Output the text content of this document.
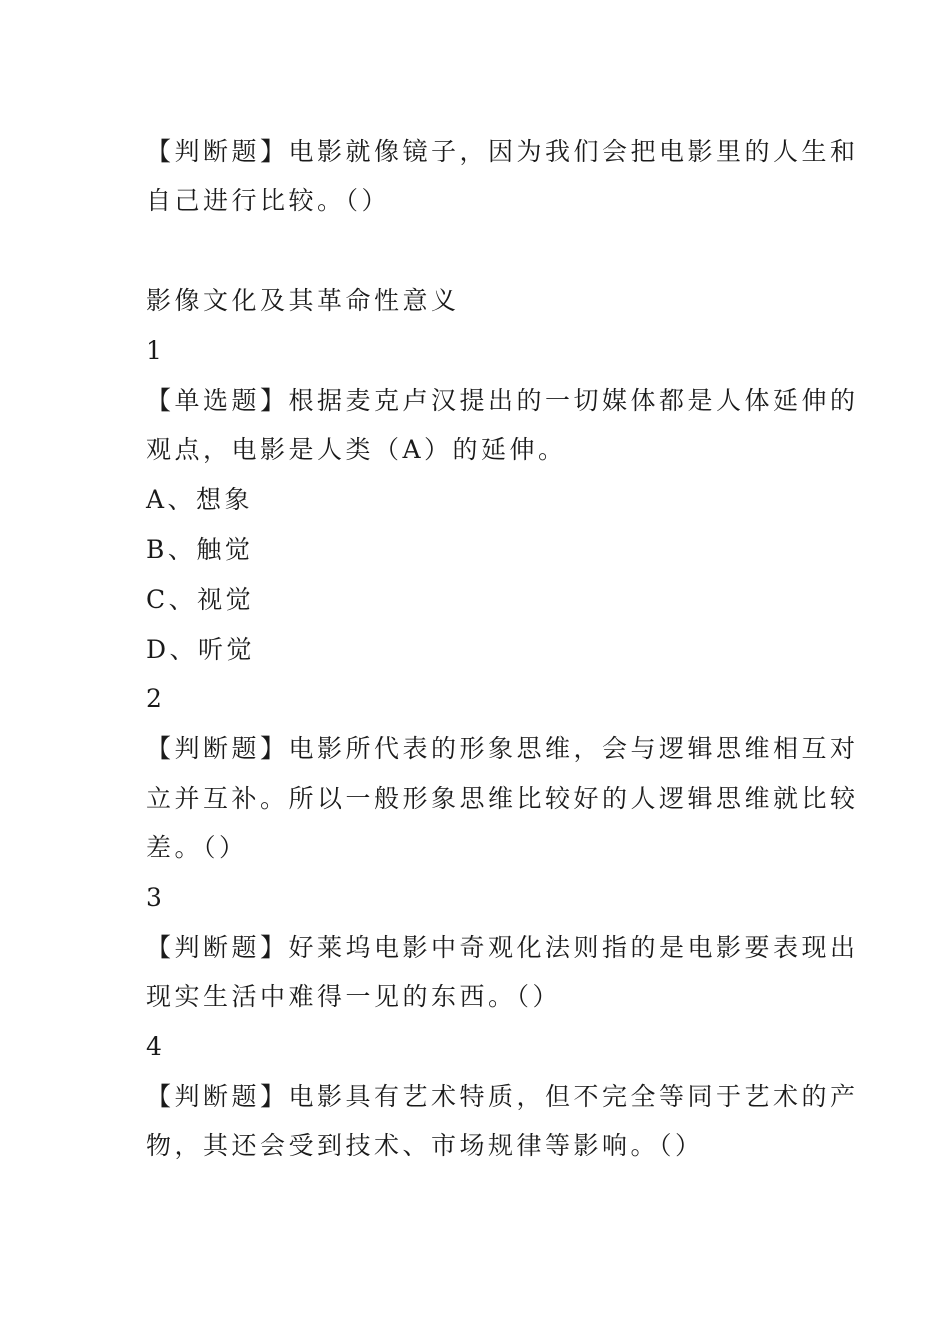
【判断题】电影就像镜子，因为我们会把电影里的人生和
自己进行比较。（）
影像文化及其革命性意义
1
【单选题】根据麦克卢汉提出的一切媒体都是人体延伸的
观点，电影是人类（A）的延伸。
A、想象
B、触觉
C、视觉
D、听觉
2
【判断题】电影所代表的形象思维，会与逻辑思维相互对
立并互补。所以一般形象思维比较好的人逻辑思维就比较
差。（）
3
【判断题】好莱坞电影中奇观化法则指的是电影要表现出
现实生活中难得一见的东西。（）
4
【判断题】电影具有艺术特质，但不完全等同于艺术的产
物，其还会受到技术、市场规律等影响。（）
